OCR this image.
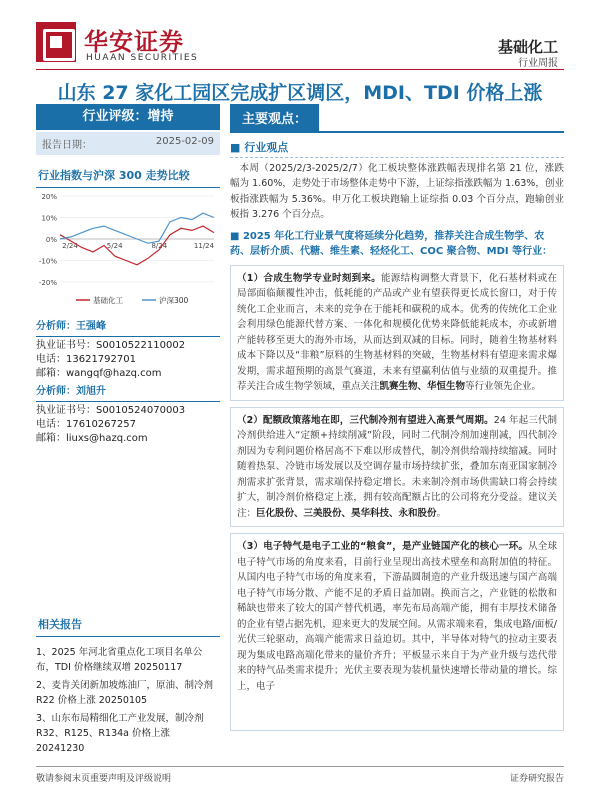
华安证券
HUAAN SECURITIES
基础化工
行业周报
山东 27 家化工园区完成扩区调区，MDI、TDI 价格上涨
行业评级：增持
报告日期：	2025-02-09
行业指数与沪深 300 走势比较
20%
10%
0%
-10%
-20%
2/24	5/24	8/24	11/24
基础化工	沪深300
分析师：王强峰
执业证书号：S0010522110002
电话：13621792701
邮箱：wangqf@hazq.com
分析师：刘旭升
执业证书号：S0010524070003
电话：17610267257
邮箱：liuxs@hazq.com
相关报告
1、2025 年河北省重点化工项目名单公布，TDI 价格继续双增 20250117
2、麦肯关闭新加坡炼油厂，原油、制冷剂 R22 价格上涨 20250105
3、山东布局精细化工产业发展，制冷剂 R32、R125、R134a 价格上涨 20241230
主要观点：
■ 行业观点
本周（2025/2/3-2025/2/7）化工板块整体涨跌幅表现排名第 21 位，涨跌幅为 1.60%，走势处于市场整体走势中下游，上证综指涨跌幅为 1.63%，创业板指涨跌幅为 5.36%。申万化工板块跑输上证综指 0.03 个百分点，跑输创业板指 3.276 个百分点。
■ 2025 年化工行业景气度将延续分化趋势，推荐关注合成生物学、农药、层析介质、代糖、维生素、轻烃化工、COC 聚合物、MDI 等行业：
（1）合成生物学专业时刻到来。能源结构调整大背景下，化石基材料或在局部面临颠覆性冲击，低耗能的产品或产业有望获得更长成长窗口，对于传统化工企业而言，未来的竞争在于能耗和碳税的成本。优秀的传统化工企业会利用绿色能源代替方案、一体化和规模化优势来降低能耗成本，亦或新增产能转移至更大的海外市场，从而达到双减的目标。同时，随着生物基材料成本下降以及“非粮”原料的生物基材料的突破，生物基材料有望迎来需求爆发期，需求超预期的高景气赛道，未来有望赢利估值与业绩的双重提升。推荐关注合成生物学领域，重点关注凯赛生物、华恒生物等行业领先企业。
（2）配额政策落地在即，三代制冷剂有望进入高景气周期。24 年起三代制冷剂供给进入“定额+持续削减”阶段，同时二代制冷剂加速削减，四代制冷剂因为专利问题价格居高不下难以形成替代，制冷剂供给端持续缩减。同时随着热泵、冷链市场发展以及空调存量市场持续扩张，叠加东南亚国家制冷剂需求扩张背景，需求端保持稳定增长。未来制冷剂市场供需缺口将会持续扩大，制冷剂价格稳定上涨，拥有较高配额占比的公司将充分受益。建议关注：巨化股份、三美股份、昊华科技、永和股份。
（3）电子特气是电子工业的“粮食”，是产业链国产化的核心一环。从全球电子特气市场的角度来看，目前行业呈现出高技术壁垒和高附加值的特征。从国内电子特气市场的角度来看，下游晶圆制造的产业升级迅速与国产高端电子特气市场分散、产能不足的矛盾日益加剧。换而言之，产业链的松散和稀缺也带来了较大的国产替代机遇，率先布局高端产能，拥有丰厚技术储备的企业有望占据先机，迎来更大的发展空间。从需求端来看，集成电路/面板/光伏三轮驱动，高端产能需求日益迫切。其中，半导体对特气的拉动主要表现为集成电路高端化带来的量价齐升；平板显示来自于为产业升级与迭代带来的特气品类需求提升；光伏主要表现为装机量快速增长带动量的增长。综上，电子
敬请参阅末页重要声明及评级说明	证券研究报告
